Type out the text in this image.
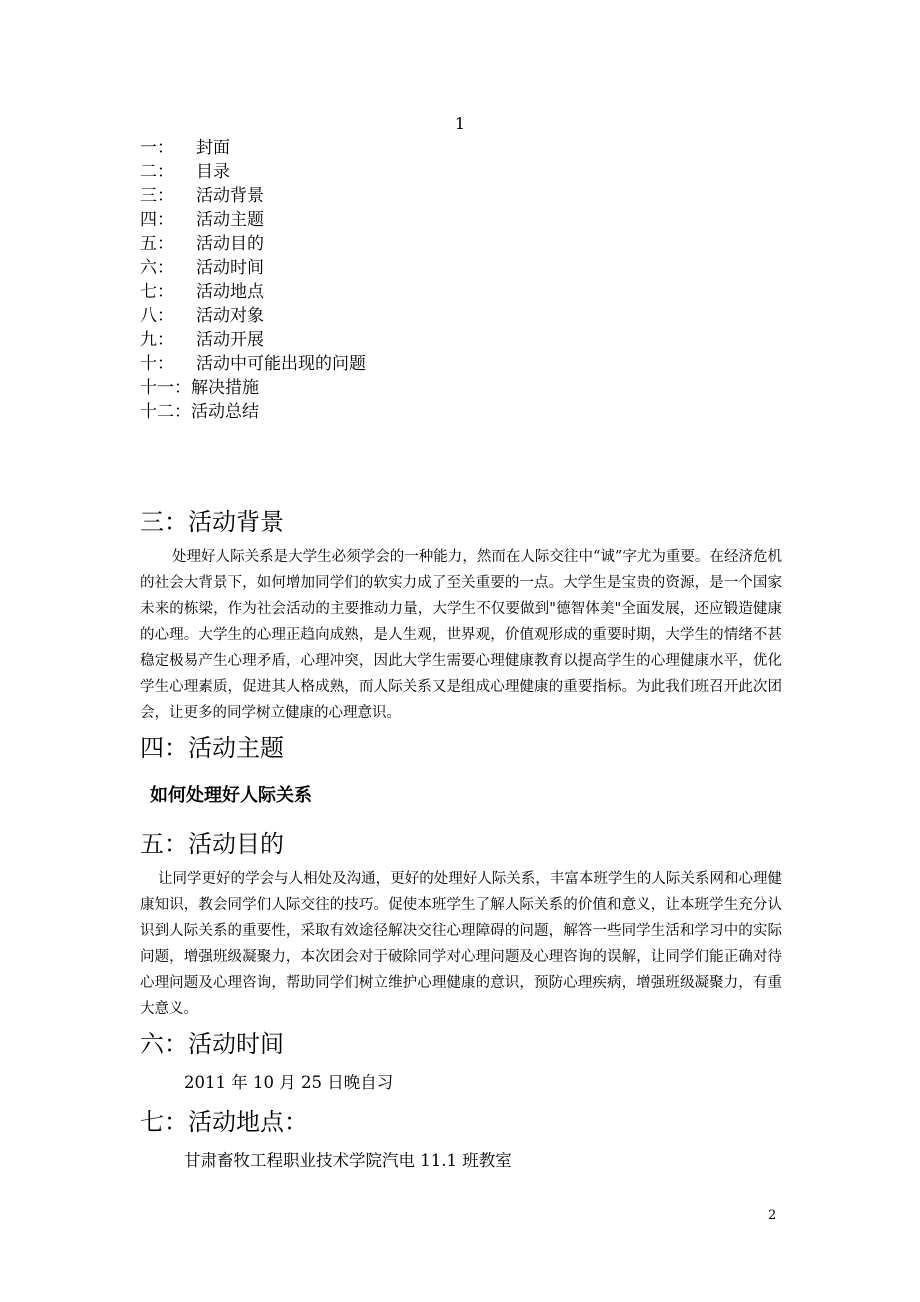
1
一： 封面
二： 目录
三： 活动背景
四： 活动主题
五： 活动目的
六： 活动时间
七： 活动地点
八： 活动对象
九： 活动开展
十： 活动中可能出现的问题
十一：解决措施
十二：活动总结
三：活动背景

处理好人际关系是大学生必须学会的一种能力，然而在人际交往中“诚”字尤为重要。在经济危机的社会大背景下，如何增加同学们的软实力成了至关重要的一点。大学生是宝贵的资源，是一个国家未来的栋梁，作为社会活动的主要推动力量，大学生不仅要做到"德智体美"全面发展，还应锻造健康的心理。大学生的心理正趋向成熟，是人生观，世界观，价值观形成的重要时期，大学生的情绪不甚稳定极易产生心理矛盾，心理冲突，因此大学生需要心理健康教育以提高学生的心理健康水平，优化学生心理素质，促进其人格成熟，而人际关系又是组成心理健康的重要指标。为此我们班召开此次团会，让更多的同学树立健康的心理意识。

四：活动主题
如何处理好人际关系
五：活动目的

让同学更好的学会与人相处及沟通，更好的处理好人际关系，丰富本班学生的人际关系网和心理健康知识，教会同学们人际交往的技巧。促使本班学生了解人际关系的价值和意义，让本班学生充分认识到人际关系的重要性，采取有效途径解决交往心理障碍的问题，解答一些同学生活和学习中的实际问题，增强班级凝聚力，本次团会对于破除同学对心理问题及心理咨询的误解，让同学们能正确对待心理问题及心理咨询，帮助同学们树立维护心理健康的意识，预防心理疾病，增强班级凝聚力，有重大意义。

六：活动时间
2011 年 10 月 25 日晚自习
七：活动地点：
甘肃畜牧工程职业技术学院汽电 11.1 班教室
2
